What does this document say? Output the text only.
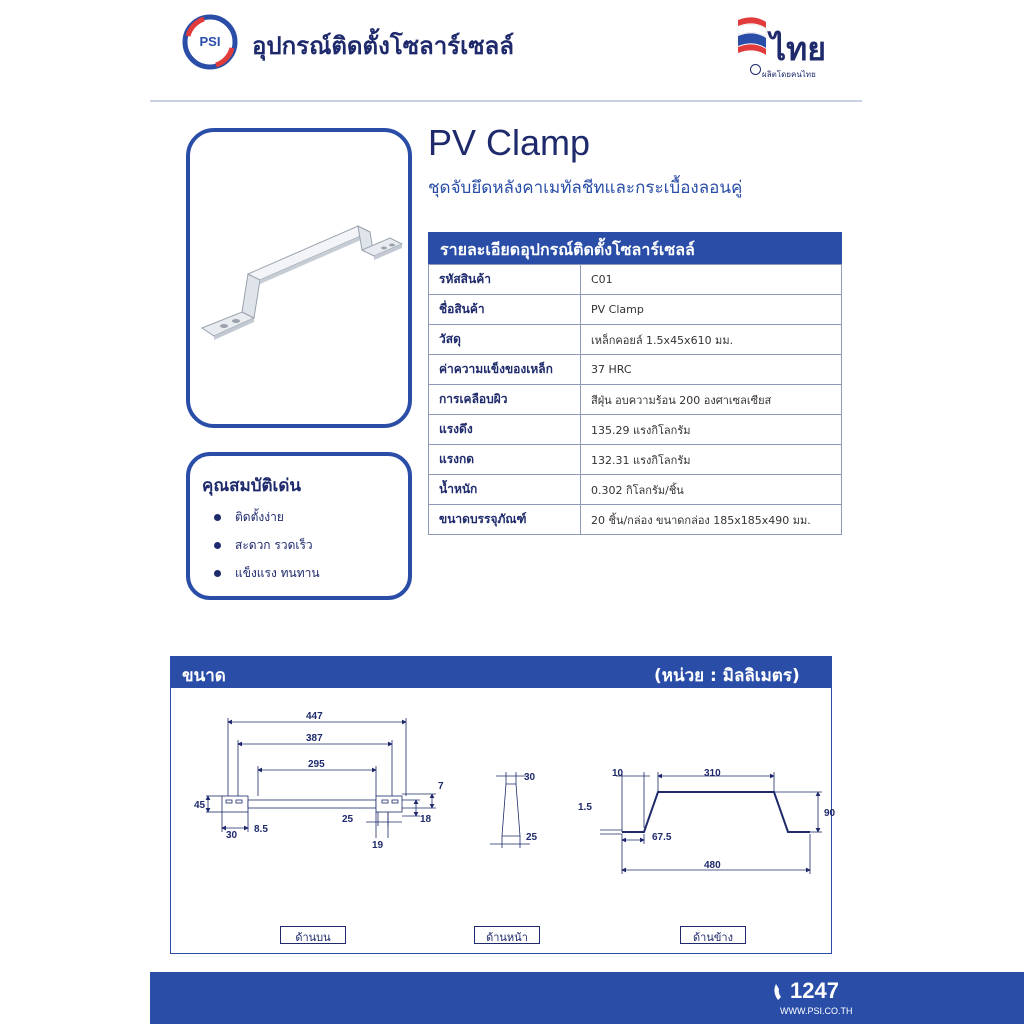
PSI อุปกรณ์ติดตั้งโซลาร์เซลล์	ไทย
ผลิตโดยคนไทย
คุณสมบัติเด่น
ติดตั้งง่าย
สะดวก รวดเร็ว
แข็งแรง ทนทาน
PV Clamp
ชุดจับยึดหลังคาเมทัลชีทและกระเบื้องลอนคู่
รายละเอียดอุปกรณ์ติดตั้งโซลาร์เซลล์
รหัสสินค้า	C01
ชื่อสินค้า	PV Clamp
วัสดุ	เหล็กคอยล์ 1.5x45x610 มม.
ค่าความแข็งของเหล็ก	37 HRC
การเคลือบผิว	สีฝุ่น อบความร้อน 200 องศาเซลเซียส
แรงดึง	135.29 แรงกิโลกรัม
แรงกด	132.31 แรงกิโลกรัม
น้ำหนัก	0.302 กิโลกรัม/ชิ้น
ขนาดบรรจุภัณฑ์	20 ชิ้น/กล่อง ขนาดกล่อง 185x185x490 มม.
ขนาด	(หน่วย : มิลลิเมตร)
447
387
295
45
30
8.5
7
25	18
19
30
25
10	310
1.5
90
67.5
480
ด้านบน	ด้านหน้า	ด้านข้าง
1247
WWW.PSI.CO.TH
